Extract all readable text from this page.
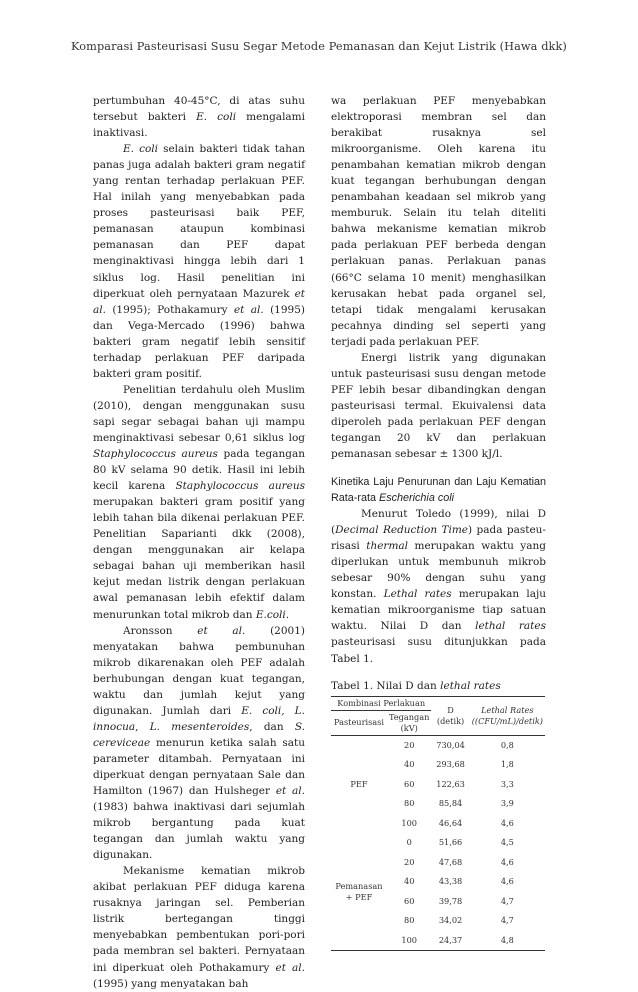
Komparasi Pasteurisasi Susu Segar Metode Pemanasan dan Kejut Listrik (Hawa dkk)

pertumbuhan 40-45°C, di atas suhu tersebut bakteri E. coli mengalami inaktivasi.

E. coli selain bakteri tidak tahan panas juga adalah bakteri gram negatif yang rentan terhadap perlakuan PEF. Hal inilah yang menyebabkan pada proses pasteurisasi baik PEF, pemanasan ataupun kombinasi pemanasan dan PEF dapat menginaktivasi hingga lebih dari 1 siklus log. Hasil penelitian ini diperkuat oleh pernyataan Mazurek et al. (1995); Pothakamury et al. (1995) dan Vega-Mercado (1996) bahwa bakteri gram negatif lebih sensitif terhadap perlakuan PEF daripada bakteri gram positif.

Penelitian terdahulu oleh Muslim (2010), dengan menggunakan susu sapi segar sebagai bahan uji mampu menginaktivasi sebesar 0,61 siklus log Staphylococcus aureus pada tegangan 80 kV selama 90 detik. Hasil ini lebih kecil karena Staphylococcus aureus merupakan bakteri gram positif yang lebih tahan bila dikenai perlakuan PEF. Penelitian Saparianti dkk (2008), dengan menggunakan air kelapa sebagai bahan uji memberikan hasil kejut medan listrik dengan perlakuan awal pemanasan lebih efektif dalam menurunkan total mikrob dan E.coli.

Aronsson et al. (2001) menyatakan bahwa pembunuhan mikrob dikarenakan oleh PEF adalah berhubungan dengan kuat tegangan, waktu dan jumlah kejut yang digunakan. Jumlah dari E. coli, L. innocua, L. mesenteroides, dan S. cereviceae menurun ketika salah satu parameter ditambah. Pernyataan ini diperkuat dengan pernyataan Sale dan Hamilton (1967) dan Hulsheger et al. (1983) bahwa inaktivasi dari sejumlah mikrob bergantung pada kuat tegangan dan jumlah waktu yang digunakan.

Mekanisme kematian mikrob akibat perlakuan PEF diduga karena rusaknya jaringan sel. Pemberian listrik bertegangan tinggi menyebabkan pembentukan pori-pori pada membran sel bakteri. Pernyataan ini diperkuat oleh Pothakamury et al. (1995) yang menyatakan bah

wa perlakuan PEF menyebabkan elektroporasi membran sel dan berakibat rusaknya sel mikroorganisme. Oleh karena itu penambahan kematian mikrob dengan kuat tegangan berhubungan dengan penambahan keadaan sel mikrob yang memburuk. Selain itu telah diteliti bahwa mekanisme kematian mikrob pada perlakuan PEF berbeda dengan perlakuan panas. Perlakuan panas (66°C selama 10 menit) menghasilkan kerusakan hebat pada organel sel, tetapi tidak mengalami kerusakan pecahnya dinding sel seperti yang terjadi pada perlakuan PEF.

Energi listrik yang digunakan untuk pasteurisasi susu dengan metode PEF lebih besar dibandingkan dengan pasteurisasi termal. Ekuivalensi data diperoleh pada perlakuan PEF dengan tegangan 20 kV dan perlakuan pemanasan sebesar ± 1300 kJ/l.

Kinetika Laju Penurunan dan Laju Kematian Rata-rata Escherichia coli

Menurut Toledo (1999), nilai D (Decimal Reduction Time) pada pasteurisasi thermal merupakan waktu yang diperlukan untuk membunuh mikrob sebesar 90% dengan suhu yang konstan. Lethal rates merupakan laju kematian mikroorganisme tiap satuan waktu. Nilai D dan lethal rates pasteurisasi susu ditunjukkan pada Tabel 1.

Tabel 1. Nilai D dan lethal rates
Kombinasi Perlakuan		D (detik)	Lethal Rates ((CFU/mL)/detik)
Pasteurisasi	Tegangan (kV)		
PEF	20	730,04	0,8
	40	293,68	1,8
	60	122,63	3,3
	80	85,84	3,9
	100	46,64	4,6
Pemanasan + PEF	0	51,66	4,5
	20	47,68	4,6
	40	43,38	4,6
	60	39,78	4,7
	80	34,02	4,7
	100	24,37	4,8
